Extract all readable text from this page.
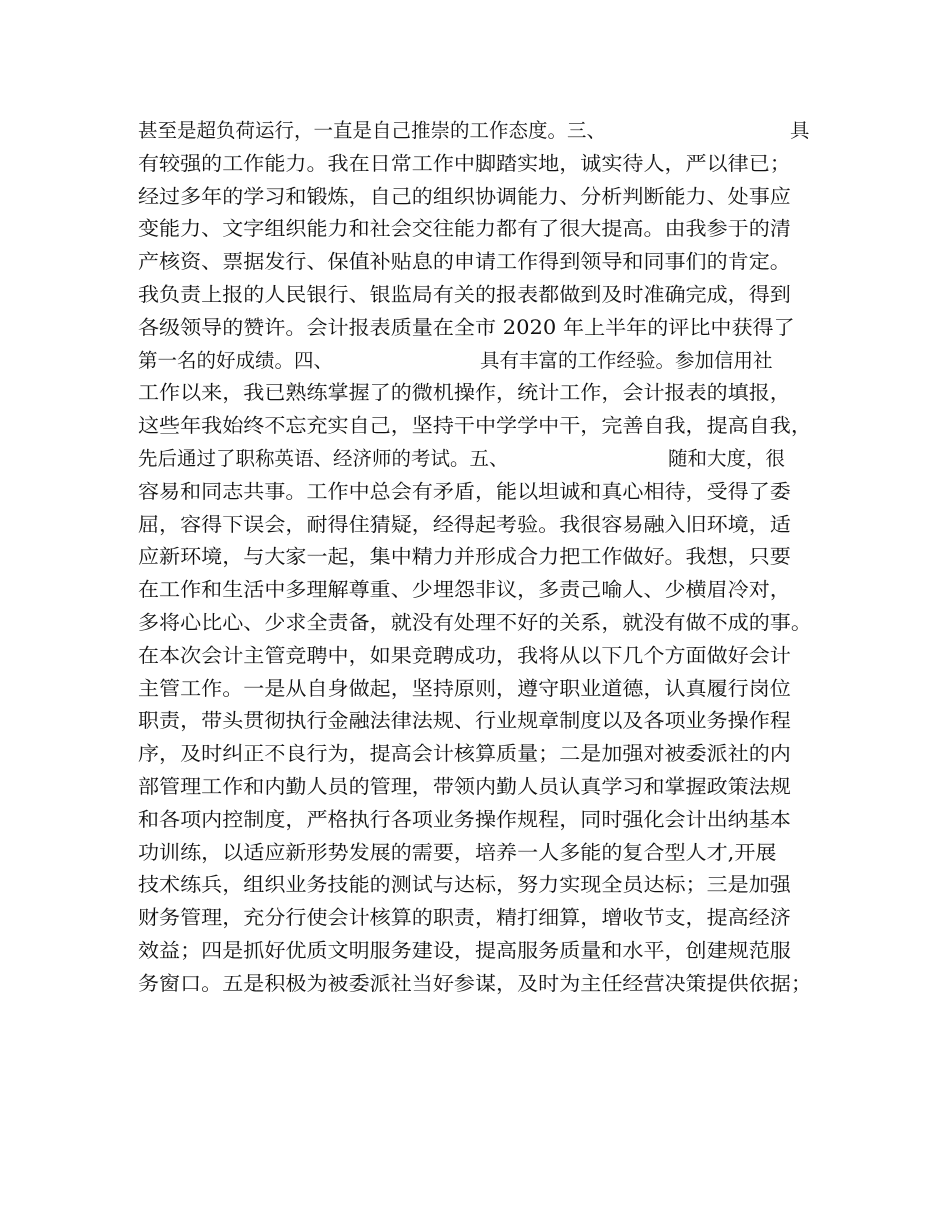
甚至是超负荷运行，一直是自己推崇的工作态度。三、	具
有较强的工作能力。我在日常工作中脚踏实地，诚实待人，严以律已；
经过多年的学习和锻炼，自己的组织协调能力、分析判断能力、处事应
变能力、文字组织能力和社会交往能力都有了很大提高。由我参于的清
产核资、票据发行、保值补贴息的申请工作得到领导和同事们的肯定。
我负责上报的人民银行、银监局有关的报表都做到及时准确完成，得到
各级领导的赞许。会计报表质量在全市 2020 年上半年的评比中获得了
第一名的好成绩。四、	具有丰富的工作经验。参加信用社
工作以来，我已熟练掌握了的微机操作，统计工作，会计报表的填报，
这些年我始终不忘充实自己，坚持干中学学中干，完善自我，提高自我，
先后通过了职称英语、经济师的考试。五、	随和大度，很
容易和同志共事。工作中总会有矛盾，能以坦诚和真心相待，受得了委
屈，容得下误会，耐得住猜疑，经得起考验。我很容易融入旧环境，适
应新环境，与大家一起，集中精力并形成合力把工作做好。我想，只要
在工作和生活中多理解尊重、少埋怨非议，多责己喻人、少横眉冷对，
多将心比心、少求全责备，就没有处理不好的关系，就没有做不成的事。
在本次会计主管竞聘中，如果竞聘成功，我将从以下几个方面做好会计
主管工作。一是从自身做起，坚持原则，遵守职业道德，认真履行岗位
职责，带头贯彻执行金融法律法规、行业规章制度以及各项业务操作程
序，及时纠正不良行为，提高会计核算质量；二是加强对被委派社的内
部管理工作和内勤人员的管理，带领内勤人员认真学习和掌握政策法规
和各项内控制度，严格执行各项业务操作规程，同时强化会计出纳基本
功训练，以适应新形势发展的需要，培养一人多能的复合型人才,开展
技术练兵，组织业务技能的测试与达标，努力实现全员达标；三是加强
财务管理，充分行使会计核算的职责，精打细算，增收节支，提高经济
效益；四是抓好优质文明服务建设，提高服务质量和水平，创建规范服
务窗口。五是积极为被委派社当好参谋，及时为主任经营决策提供依据；
